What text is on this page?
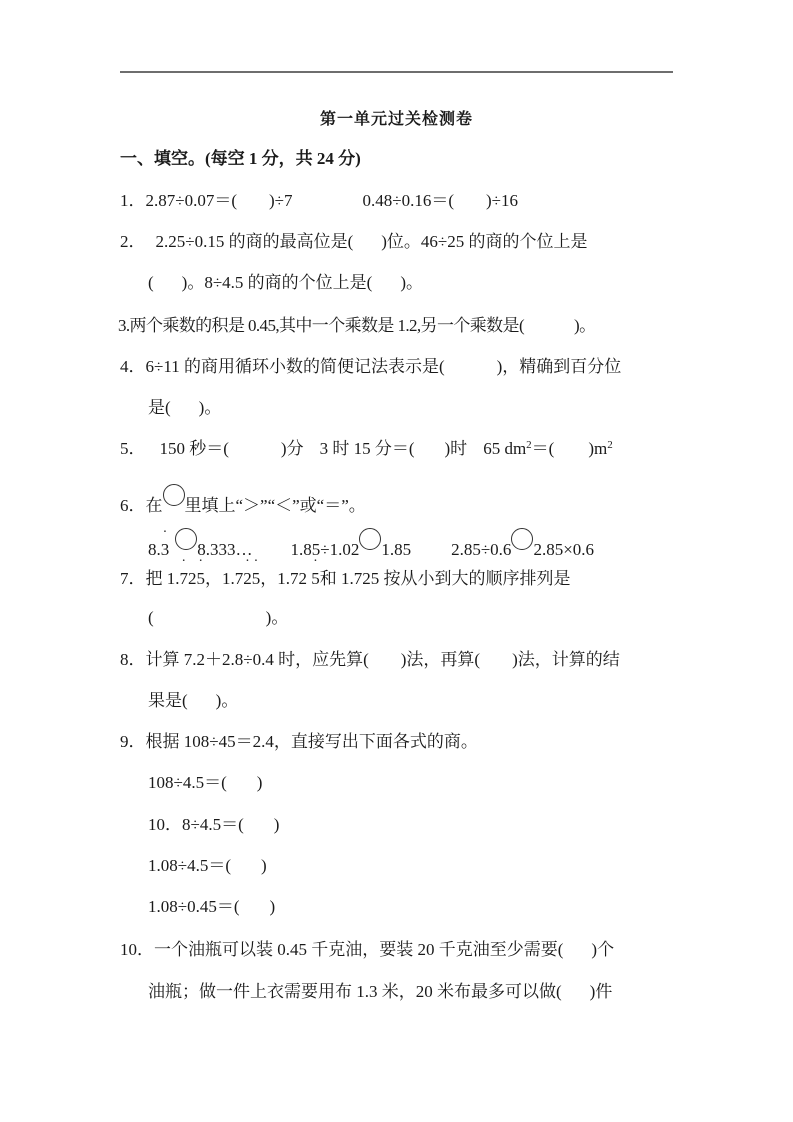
第一单元过关检测卷
一、填空。(每空 1 分，共 24 分)
1．2.87÷0.07＝( )÷7	0.48÷0.16＝( )÷16
2． 2.25÷0.15 的商的最高位是( )位。46÷25 的商的个位上是
( )。8÷4.5 的商的个位上是( )。
3.两个乘数的积是 0.45,其中一个乘数是 1.2,另一个乘数是(	)。
4．6÷11 的商用循环小数的简便记法表示是(	)，精确到百分位
是( )。
5． 150 秒＝(	)分 3 时 15 分＝( )时 65 $dm^2=$( )$m^2$
6．在 里填上“＞”“＜”或“＝”。
8.· 3 8.333… 1.85÷1.02 1.85 2.85÷0.6 2.85×0.6
7．把 1.· 72· 5，1.7· 2· 5，1.72 · 5和 1.725 按从小到大的顺序排列是
(	)。
8．计算 7.2＋2.8÷0.4 时，应先算( )法，再算( )法，计算的结
果是( )。
9．根据 108÷45＝2.4，直接写出下面各式的商。
108÷4.5＝( )
10．8÷4.5＝( )
1.08÷4.5＝( )
1.08÷0.45＝( )
10．一个油瓶可以装 0.45 千克油，要装 20 千克油至少需要( )个
油瓶；做一件上衣需要用布 1.3 米，20 米布最多可以做( )件
